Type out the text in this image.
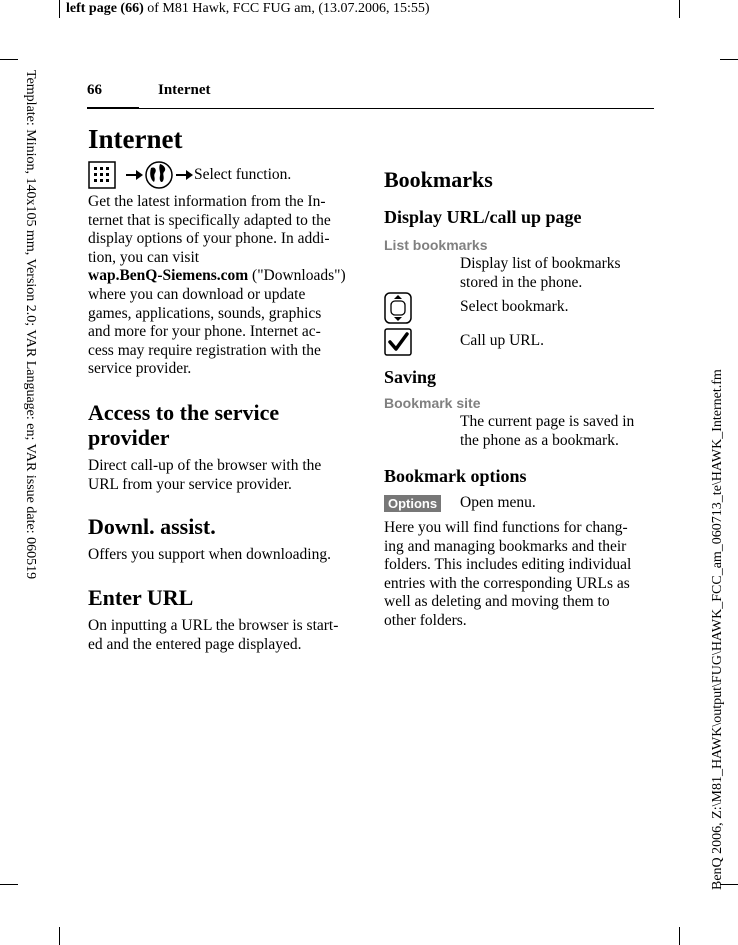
left page (66) of M81 Hawk, FCC FUG am, (13.07.2006, 15:55)
Template: Minion, 140x105 mm, Version 2.0; VAR Language: en; VAR issue date: 060519
BenQ 2006, Z:\M81_HAWK\output\FUG\HAWK_FCC_am_060713_te\HAWK_Internet.fm
66	Internet
Internet
Select function.
Get the latest information from the In-
ternet that is specifically adapted to the
display options of your phone. In addi-
tion, you can visit
wap.BenQ-Siemens.com ("Downloads")
where you can download or update
games, applications, sounds, graphics
and more for your phone. Internet ac-
cess may require registration with the
service provider.
Access to the service
provider
Direct call-up of the browser with the
URL from your service provider.
Downl. assist.
Offers you support when downloading.
Enter URL
On inputting a URL the browser is start-
ed and the entered page displayed.
Bookmarks
Display URL/call up page
List bookmarks
Display list of bookmarks
stored in the phone.
Select bookmark.
Call up URL.
Saving
Bookmark site
The current page is saved in
the phone as a bookmark.
Bookmark options
Options Open menu.
Here you will find functions for chang-
ing and managing bookmarks and their
folders. This includes editing individual
entries with the corresponding URLs as
well as deleting and moving them to
other folders.
